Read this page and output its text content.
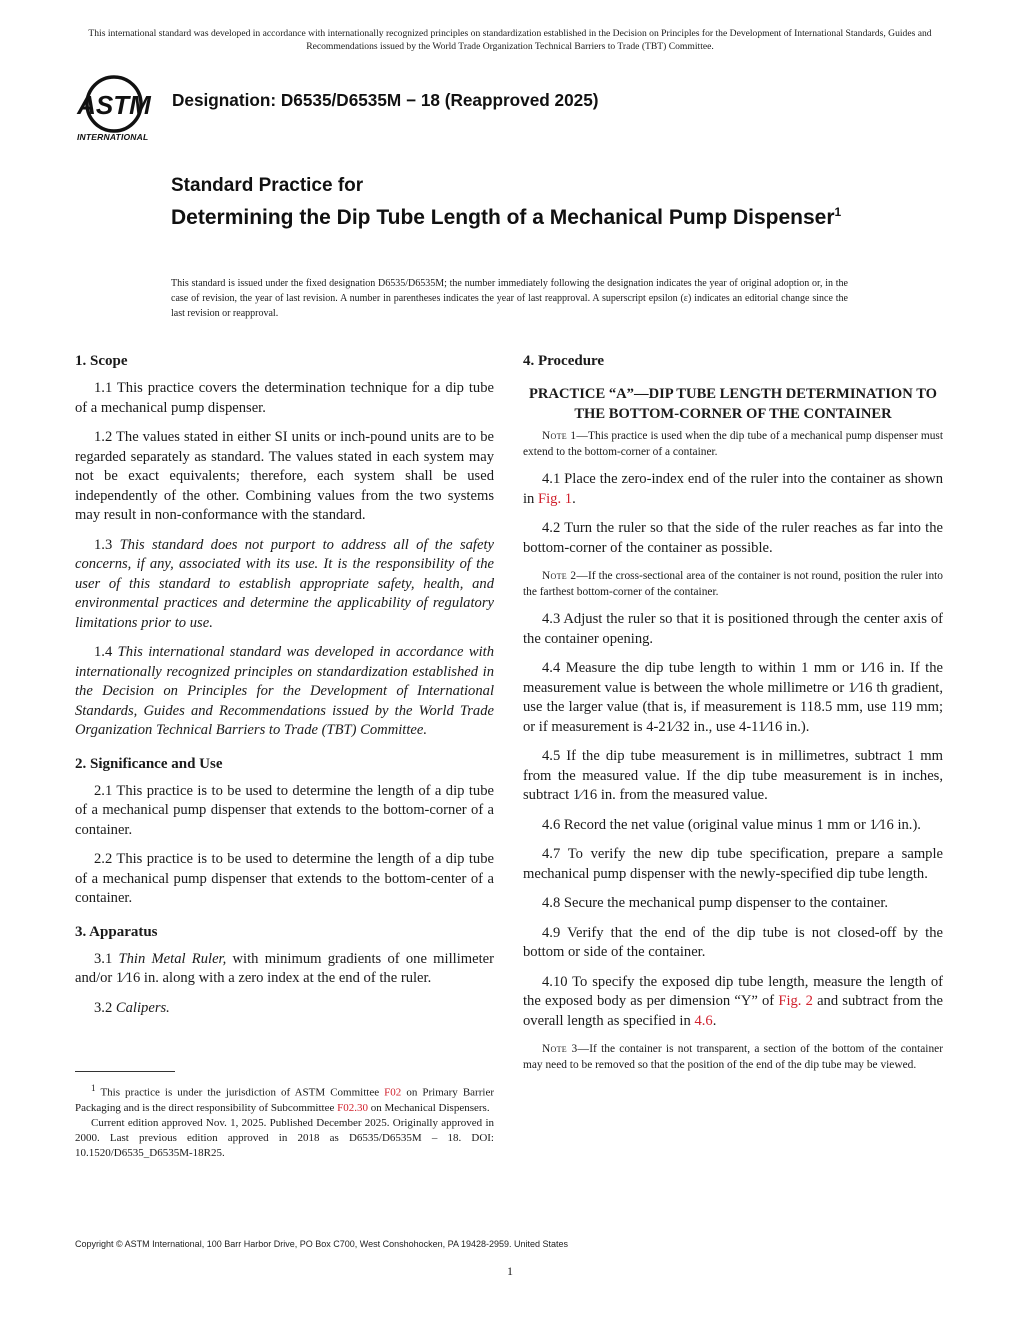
This international standard was developed in accordance with internationally recognized principles on standardization established in the Decision on Principles for the Development of International Standards, Guides and Recommendations issued by the World Trade Organization Technical Barriers to Trade (TBT) Committee.
ASTM
INTERNATIONAL
Designation: D6535/D6535M − 18 (Reapproved 2025)
Standard Practice for
Determining the Dip Tube Length of a Mechanical Pump Dispenser$^1$
This standard is issued under the fixed designation D6535/D6535M; the number immediately following the designation indicates the year of original adoption or, in the case of revision, the year of last revision. A number in parentheses indicates the year of last reapproval. A superscript epsilon (ε) indicates an editorial change since the last revision or reapproval.
1. Scope

1.1 This practice covers the determination technique for a dip tube of a mechanical pump dispenser.

1.2 The values stated in either SI units or inch-pound units are to be regarded separately as standard. The values stated in each system may not be exact equivalents; therefore, each system shall be used independently of the other. Combining values from the two systems may result in non-conformance with the standard.

1.3 This standard does not purport to address all of the safety concerns, if any, associated with its use. It is the responsibility of the user of this standard to establish appropriate safety, health, and environmental practices and determine the applicability of regulatory limitations prior to use.

1.4 This international standard was developed in accordance with internationally recognized principles on standardization established in the Decision on Principles for the Development of International Standards, Guides and Recommendations issued by the World Trade Organization Technical Barriers to Trade (TBT) Committee.

2. Significance and Use

2.1 This practice is to be used to determine the length of a dip tube of a mechanical pump dispenser that extends to the bottom-corner of a container.

2.2 This practice is to be used to determine the length of a dip tube of a mechanical pump dispenser that extends to the bottom-center of a container.

3. Apparatus

3.1 Thin Metal Ruler, with minimum gradients of one millimeter and/or 1⁄16 in. along with a zero index at the end of the ruler.

3.2 Calipers.

4. Procedure
PRACTICE “A”—DIP TUBE LENGTH DETERMINATION TO THE BOTTOM-CORNER OF THE CONTAINER
Note 1—This practice is used when the dip tube of a mechanical pump dispenser must extend to the bottom-corner of a container.

4.1 Place the zero-index end of the ruler into the container as shown in Fig. 1.

4.2 Turn the ruler so that the side of the ruler reaches as far into the bottom-corner of the container as possible.

Note 2—If the cross-sectional area of the container is not round, position the ruler into the farthest bottom-corner of the container.

4.3 Adjust the ruler so that it is positioned through the center axis of the container opening.

4.4 Measure the dip tube length to within 1 mm or 1⁄16 in. If the measurement value is between the whole millimetre or 1⁄16 th gradient, use the larger value (that is, if measurement is 118.5 mm, use 119 mm; or if measurement is 4-21⁄32 in., use 4-11⁄16 in.).

4.5 If the dip tube measurement is in millimetres, subtract 1 mm from the measured value. If the dip tube measurement is in inches, subtract 1⁄16 in. from the measured value.

4.6 Record the net value (original value minus 1 mm or 1⁄16 in.).

4.7 To verify the new dip tube specification, prepare a sample mechanical pump dispenser with the newly-specified dip tube length.

4.8 Secure the mechanical pump dispenser to the container.

4.9 Verify that the end of the dip tube is not closed-off by the bottom or side of the container.

4.10 To specify the exposed dip tube length, measure the length of the exposed body as per dimension “Y” of Fig. 2 and subtract from the overall length as specified in 4.6.

Note 3—If the container is not transparent, a section of the bottom of the container may need to be removed so that the position of the end of the dip tube may be viewed.

$^1$ This practice is under the jurisdiction of ASTM Committee F02 on Primary Barrier Packaging and is the direct responsibility of Subcommittee F02.30 on Mechanical Dispensers.

Current edition approved Nov. 1, 2025. Published December 2025. Originally approved in 2000. Last previous edition approved in 2018 as D6535/D6535M – 18. DOI: 10.1520/D6535_D6535M-18R25.

Copyright © ASTM International, 100 Barr Harbor Drive, PO Box C700, West Conshohocken, PA 19428-2959. United States
1
